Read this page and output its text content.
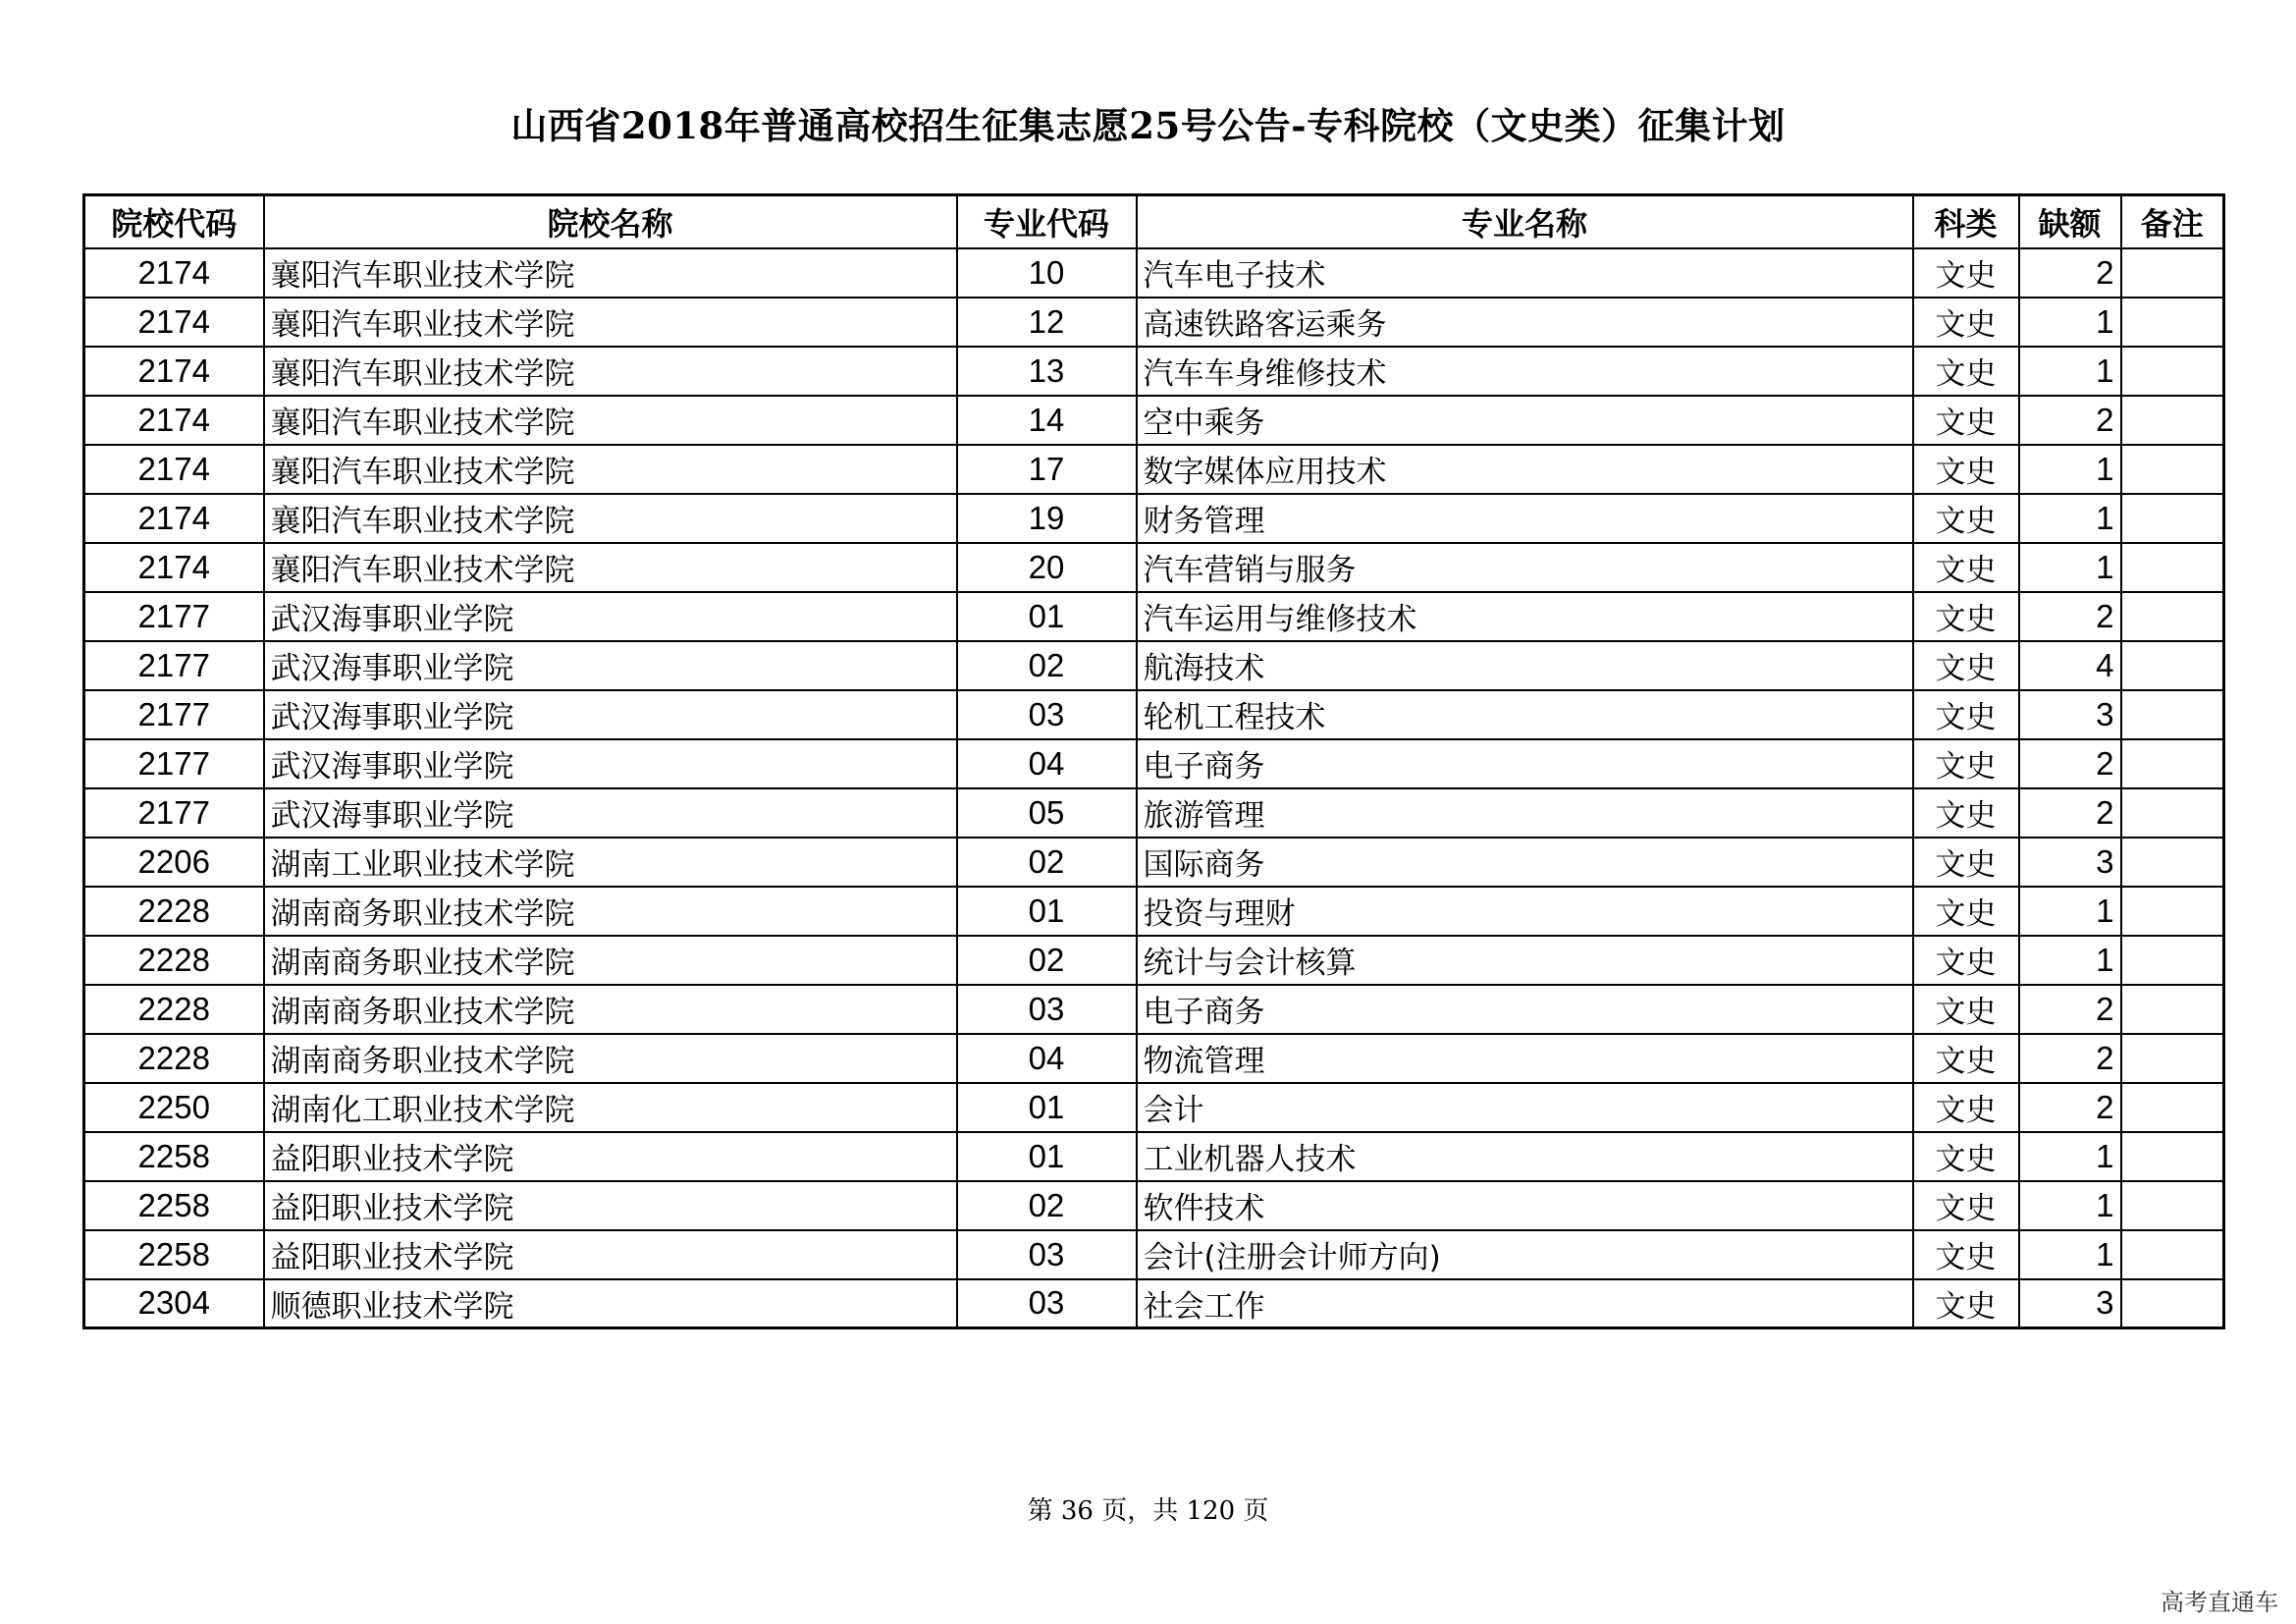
山西省2018年普通高校招生征集志愿25号公告-专科院校（文史类）征集计划
院校代码	院校名称	专业代码	专业名称	科类	缺额	备注
2174	襄阳汽车职业技术学院	10	汽车电子技术	文史	2	
2174	襄阳汽车职业技术学院	12	高速铁路客运乘务	文史	1	
2174	襄阳汽车职业技术学院	13	汽车车身维修技术	文史	1	
2174	襄阳汽车职业技术学院	14	空中乘务	文史	2	
2174	襄阳汽车职业技术学院	17	数字媒体应用技术	文史	1	
2174	襄阳汽车职业技术学院	19	财务管理	文史	1	
2174	襄阳汽车职业技术学院	20	汽车营销与服务	文史	1	
2177	武汉海事职业学院	01	汽车运用与维修技术	文史	2	
2177	武汉海事职业学院	02	航海技术	文史	4	
2177	武汉海事职业学院	03	轮机工程技术	文史	3	
2177	武汉海事职业学院	04	电子商务	文史	2	
2177	武汉海事职业学院	05	旅游管理	文史	2	
2206	湖南工业职业技术学院	02	国际商务	文史	3	
2228	湖南商务职业技术学院	01	投资与理财	文史	1	
2228	湖南商务职业技术学院	02	统计与会计核算	文史	1	
2228	湖南商务职业技术学院	03	电子商务	文史	2	
2228	湖南商务职业技术学院	04	物流管理	文史	2	
2250	湖南化工职业技术学院	01	会计	文史	2	
2258	益阳职业技术学院	01	工业机器人技术	文史	1	
2258	益阳职业技术学院	02	软件技术	文史	1	
2258	益阳职业技术学院	03	会计(注册会计师方向)	文史	1	
2304	顺德职业技术学院	03	社会工作	文史	3	
第 36 页，共 120 页
高考直通车
